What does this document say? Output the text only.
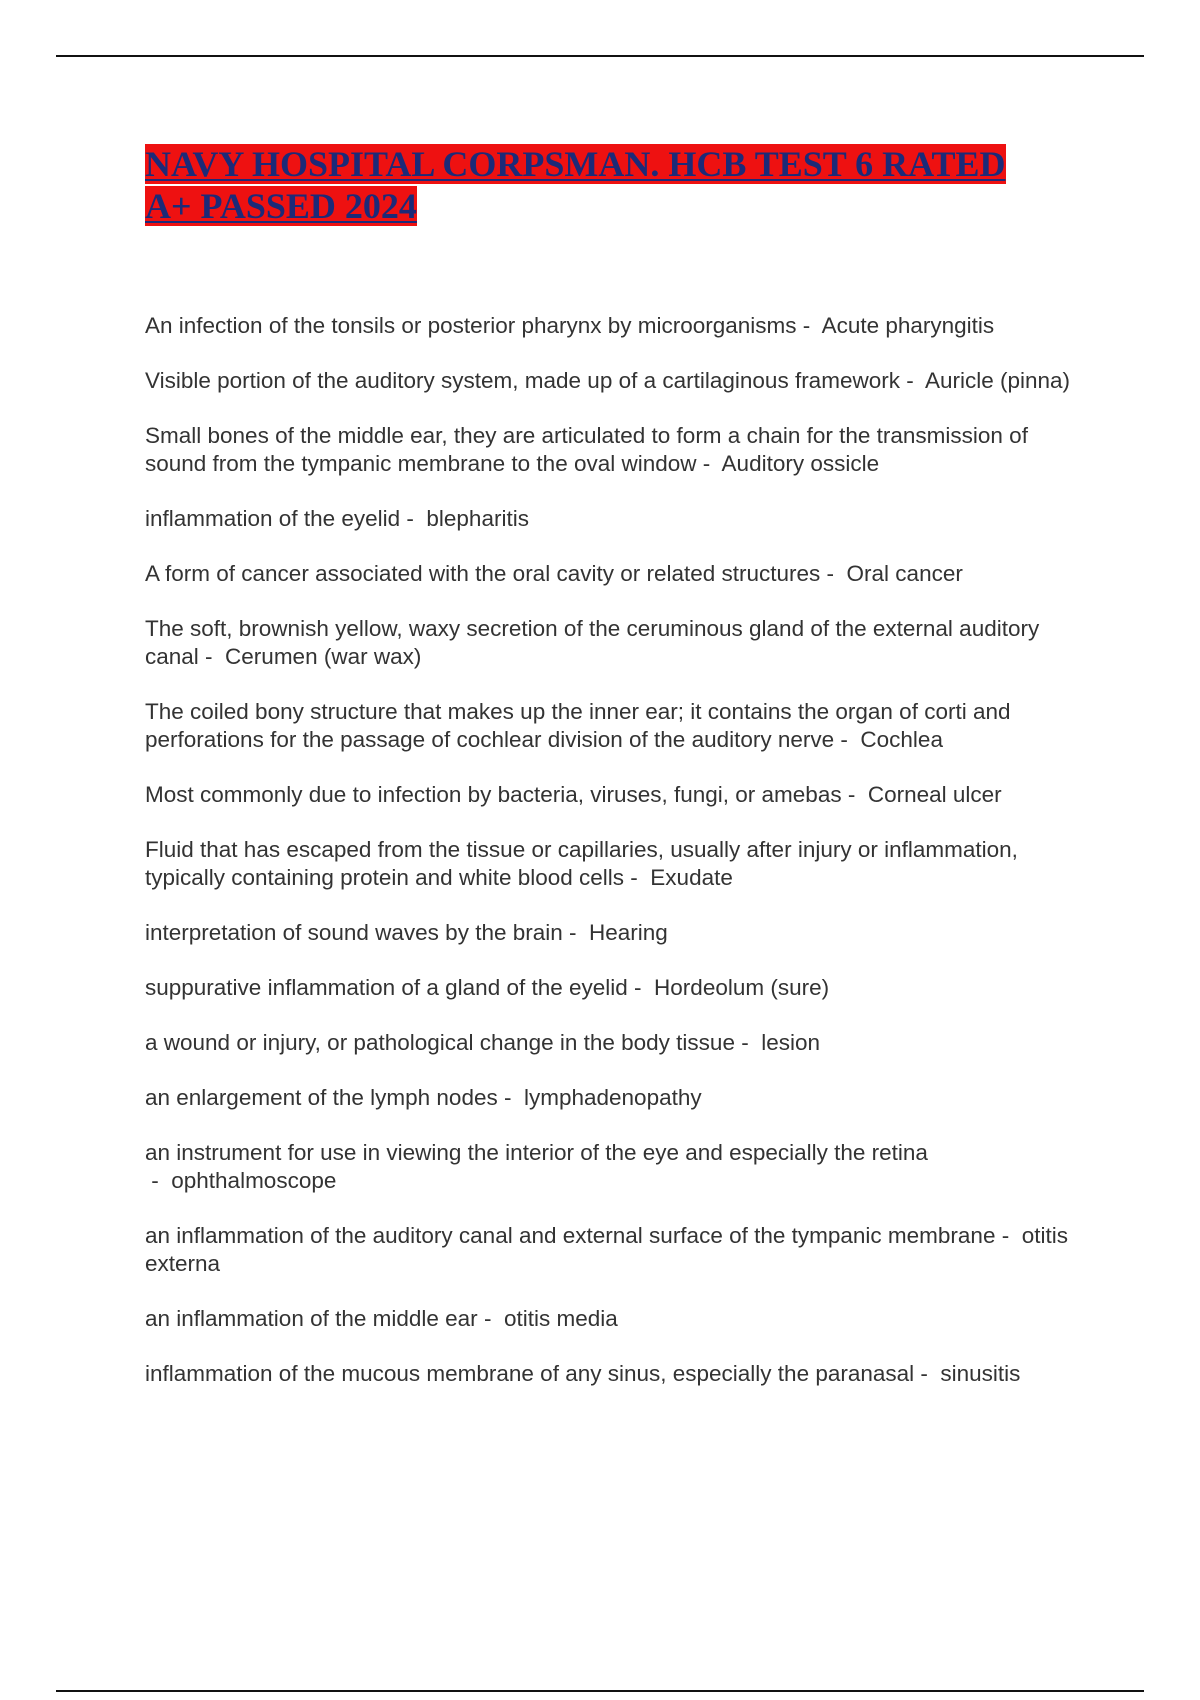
NAVY HOSPITAL CORPSMAN. HCB TEST 6 RATED A+ PASSED 2024
An infection of the tonsils or posterior pharynx by microorganisms -  Acute pharyngitis
Visible portion of the auditory system, made up of a cartilaginous framework -  Auricle (pinna)
Small bones of the middle ear, they are articulated to form a chain for the transmission of sound from the tympanic membrane to the oval window -  Auditory ossicle
inflammation of the eyelid -  blepharitis
A form of cancer associated with the oral cavity or related structures -  Oral cancer
The soft, brownish yellow, waxy secretion of the ceruminous gland of the external auditory canal -  Cerumen (war wax)
The coiled bony structure that makes up the inner ear; it contains the organ of corti and perforations for the passage of cochlear division of the auditory nerve -  Cochlea
Most commonly due to infection by bacteria, viruses, fungi, or amebas -  Corneal ulcer
Fluid that has escaped from the tissue or capillaries, usually after injury or inflammation, typically containing protein and white blood cells -  Exudate
interpretation of sound waves by the brain -  Hearing
suppurative inflammation of a gland of the eyelid -  Hordeolum (sure)
a wound or injury, or pathological change in the body tissue -  lesion
an enlargement of the lymph nodes -  lymphadenopathy
an instrument for use in viewing the interior of the eye and especially the retina -  ophthalmoscope
an inflammation of the auditory canal and external surface of the tympanic membrane -  otitis externa
an inflammation of the middle ear -  otitis media
inflammation of the mucous membrane of any sinus, especially the paranasal -  sinusitis
